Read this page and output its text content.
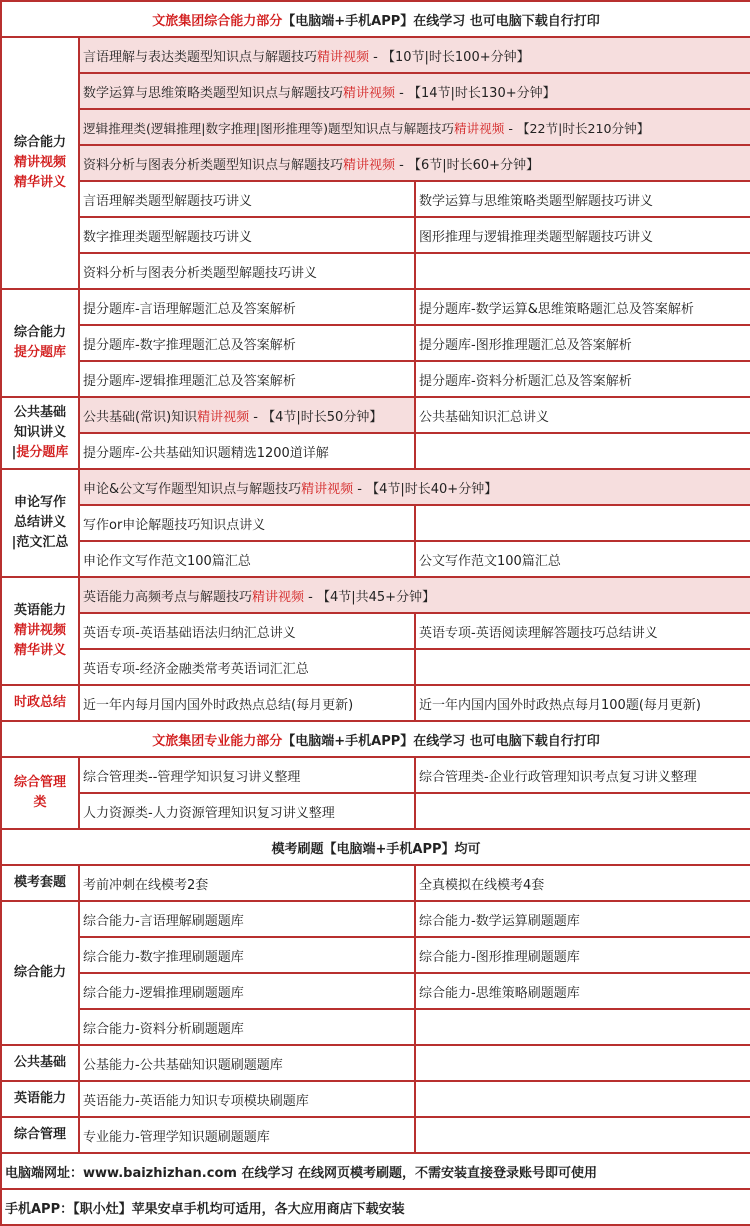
文旅集团综合能力部分【电脑端+手机APP】在线学习 也可电脑下载自行打印		
综合能力
精讲视频
精华讲义	言语理解与表达类题型知识点与解题技巧精讲视频 - 【10节|时长100+分钟】	
	数学运算与思维策略类题型知识点与解题技巧精讲视频 - 【14节|时长130+分钟】	
	逻辑推理类(逻辑推理|数字推理|图形推理等)题型知识点与解题技巧精讲视频 - 【22节|时长210分钟】	
	资料分析与图表分析类题型知识点与解题技巧精讲视频 - 【6节|时长60+分钟】	
	言语理解类题型解题技巧讲义	数学运算与思维策略类题型解题技巧讲义
	数字推理类题型解题技巧讲义	图形推理与逻辑推理类题型解题技巧讲义
	资料分析与图表分析类题型解题技巧讲义	
综合能力
提分题库	提分题库-言语理解题汇总及答案解析	提分题库-数学运算&思维策略题汇总及答案解析
	提分题库-数字推理题汇总及答案解析	提分题库-图形推理题汇总及答案解析
	提分题库-逻辑推理题汇总及答案解析	提分题库-资料分析题汇总及答案解析
公共基础
知识讲义
|提分题库	公共基础(常识)知识精讲视频 - 【4节|时长50分钟】	公共基础知识汇总讲义
	提分题库-公共基础知识题精选1200道详解	
申论写作
总结讲义
|范文汇总	申论&公文写作题型知识点与解题技巧精讲视频 - 【4节|时长40+分钟】	
	写作or申论解题技巧知识点讲义	
	申论作文写作范文100篇汇总	公文写作范文100篇汇总
英语能力
精讲视频
精华讲义	英语能力高频考点与解题技巧精讲视频 - 【4节|共45+分钟】	
	英语专项-英语基础语法归纳汇总讲义	英语专项-英语阅读理解答题技巧总结讲义
	英语专项-经济金融类常考英语词汇汇总	
时政总结	近一年内每月国内国外时政热点总结(每月更新)	近一年内国内国外时政热点每月100题(每月更新)
文旅集团专业能力部分【电脑端+手机APP】在线学习 也可电脑下载自行打印		
综合管理
类	综合管理类--管理学知识复习讲义整理	综合管理类-企业行政管理知识考点复习讲义整理
	人力资源类-人力资源管理知识复习讲义整理	
模考刷题【电脑端+手机APP】均可		
模考套题	考前冲刺在线模考2套	全真模拟在线模考4套
综合能力	综合能力-言语理解刷题题库	综合能力-数学运算刷题题库
	综合能力-数字推理刷题题库	综合能力-图形推理刷题题库
	综合能力-逻辑推理刷题题库	综合能力-思维策略刷题题库
	综合能力-资料分析刷题题库	
公共基础	公基能力-公共基础知识题刷题题库	
英语能力	英语能力-英语能力知识专项模块刷题库	
综合管理	专业能力-管理学知识题刷题题库	
电脑端网址：www.baizhizhan.com 在线学习 在线网页模考刷题，不需安装直接登录账号即可使用		
手机APP：【职小灶】苹果安卓手机均可适用，各大应用商店下载安装		
